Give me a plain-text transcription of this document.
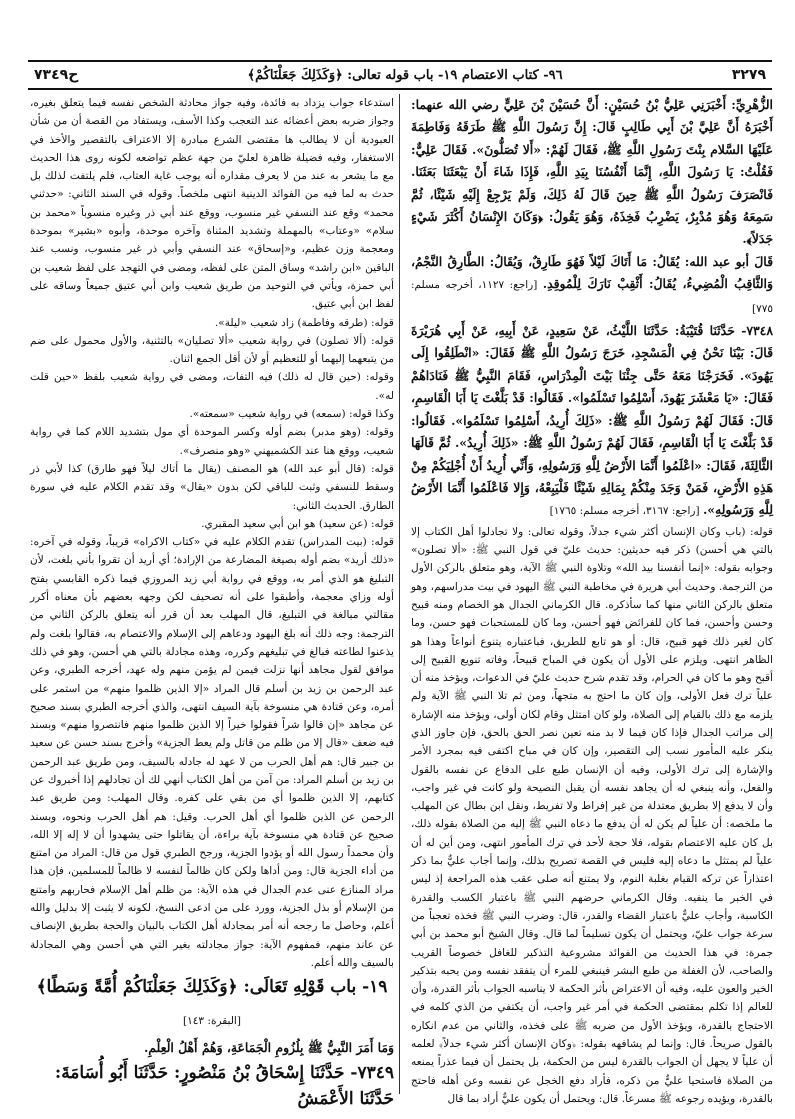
٣٢٧٩
٩٦- كتاب الاعتصام ١٩- باب قوله تعالى: ﴿وَكَذَلِكَ جَعَلْنَاكُمْ﴾
ح٧٣٤٩

الزُّهْرِيِّ: أَخْبَرَنِي عَلِيُّ بْنُ حُسَيْنٍ: أَنَّ حُسَيْنَ بْنَ عَلِيٍّ رضي الله عنهما: أَخْبَرَهُ أَنَّ عَلِيَّ بْنَ أَبِي طَالِبٍ قَالَ: إِنَّ رَسُولَ اللَّهِ ﷺ طَرَقَهُ وَفَاطِمَةَ عَلَيْهَا السَّلام بِنْتَ رَسُولِ اللَّهِ ﷺ، فَقَالَ لَهُمْ: «أَلا تُصَلُّونَ». فَقَالَ عَلِيٌّ: فَقُلْتُ: يَا رَسُولَ اللَّهِ، إِنَّمَا أَنْفُسُنَا بِيَدِ اللَّهِ، فَإِذَا شَاءَ أَنْ يَبْعَثَنَا بَعَثَنَا. فَانْصَرَفَ رَسُولُ اللَّهِ ﷺ حِينَ قَالَ لَهُ ذَلِكَ، وَلَمْ يَرْجِعْ إِلَيْهِ شَيْئًا، ثُمَّ سَمِعَهُ وَهُوَ مُدْبِرٌ، يَضْرِبُ فَخِذَهُ، وَهُوَ يَقُولُ: ﴿وَكَانَ الإِنْسَانُ أَكْثَرَ شَيْءٍ جَدَلاً﴾.

قَالَ أبو عبد الله: يُقَالُ: مَا أَتَاكَ لَيْلاً فَهُوَ طَارِقٌ، وَيُقَالُ: الطَّارِقُ النَّجْمُ، وَالثَّاقِبُ الْمُضِيءُ، يُقَالُ: أَثْقِبْ نَارَكَ لِلْمُوقِدِ. [راجع: ١١٢٧، أخرجه مسلم: ٧٧٥]

٧٣٤٨- حَدَّثَنَا قُتَيْبَةُ: حَدَّثَنَا اللَّيْثُ، عَنْ سَعِيدٍ، عَنْ أَبِيهِ، عَنْ أَبِي هُرَيْرَةَ قَالَ: بَيْنَا نَحْنُ فِي الْمَسْجِدِ، خَرَجَ رَسُولُ اللَّهِ ﷺ فَقَالَ: «انْطَلِقُوا إِلَى يَهُودَ». فَخَرَجْنَا مَعَهُ حَتَّى جِئْنَا بَيْتَ الْمِدْرَاسِ، فَقَامَ النَّبِيُّ ﷺ فَنَادَاهُمْ فَقَالَ: «يَا مَعْشَرَ يَهُودَ، أَسْلِمُوا تَسْلَمُوا». فَقَالُوا: قَدْ بَلَّغْتَ يَا أَبَا الْقَاسِمِ، قَالَ: فَقَالَ لَهُمْ رَسُولُ اللَّهِ ﷺ: «ذَلِكَ أُرِيدُ، أَسْلِمُوا تَسْلَمُوا». فَقَالُوا: قَدْ بَلَّغْتَ يَا أَبَا الْقَاسِمِ، فَقَالَ لَهُمْ رَسُولُ اللَّهِ ﷺ: «ذَلِكَ أُرِيدُ». ثُمَّ قَالَهَا الثَّالِثَةَ، فَقَالَ: «اعْلَمُوا أَنَّمَا الأَرْضُ لِلَّهِ وَرَسُولِهِ، وَأَنِّي أُرِيدُ أَنْ أُجْلِيَكُمْ مِنْ هَذِهِ الأَرْضِ، فَمَنْ وَجَدَ مِنْكُمْ بِمَالِهِ شَيْئًا فَلْيَبِعْهُ، وَإِلا فَاعْلَمُوا أَنَّمَا الأَرْضُ لِلَّهِ وَرَسُولِهِ». [راجع: ٣١٦٧، أخرجه مسلم: ١٧٦٥]

قوله: (باب وكان الإنسان أكثر شيء جدلاً، وقوله تعالى: ولا تجادلوا أهل الكتاب إلا بالتي هي أحسن) ذكر فيه حديثين: حديث عليّ في قول النبي ﷺ: «ألا تصلون» وجوابه بقوله: «إنما أنفسنا بيد الله» وتلاوة النبي ﷺ الآية، وهو متعلق بالركن الأول من الترجمة. وحديث أبي هريرة في مخاطبة النبي ﷺ اليهود في بيت مدراسهم، وهو متعلق بالركن الثاني منها كما سأذكره. قال الكرماني الجدال هو الخصام ومنه قبيح وحسن وأحسن، فما كان للفرائض فهو أحسن، وما كان للمستحبات فهو حسن، وما كان لغير ذلك فهو قبيح، قال: أو هو تابع للطريق، فباعتباره يتنوع أنواعاً وهذا هو الظاهر انتهى. ويلزم على الأول أن يكون في المباح قبيحاً، وفاته تنويع القبيح إلى أقبح وهو ما كان في الحرام، وقد تقدم شرح حديث عليّ في الدعوات، ويؤخذ منه أن علياً ترك فعل الأولى، وإن كان ما احتج به متجهاً، ومن ثم تلا النبي ﷺ الآية ولم يلزمه مع ذلك بالقيام إلى الصلاة، ولو كان امتثل وقام لكان أولى، ويؤخذ منه الإشارة إلى مراتب الجدال فإذا كان فيما لا بد منه تعين نصر الحق بالحق، فإن جاوز الذي ينكر عليه المأمور نسب إلى التقصير، وإن كان في مباح اكتفى فيه بمجرد الأمر والإشارة إلى ترك الأولى، وفيه أن الإنسان طبع على الدفاع عن نفسه بالقول والفعل، وأنه ينبغي له أن يجاهد نفسه أن يقبل النصيحة ولو كانت في غير واجب، وأن لا يدفع إلا بطريق معتدلة من غير إفراط ولا تفريط، ونقل ابن بطال عن المهلب ما ملخصه: أن علياً لم يكن له أن يدفع ما دعاه النبي ﷺ إليه من الصلاة بقوله ذلك، بل كان عليه الاعتصام بقوله، فلا حجة لأحد في ترك المأمور انتهى، ومن أين له أن علياً لم يمتثل ما دعاه إليه فليس في القصة تصريح بذلك، وإنما أجاب عليٌّ بما ذكر اعتذاراً عن تركه القيام بغلبة النوم، ولا يمتنع أنه صلى عقب هذه المراجعة إذ ليس في الخبر ما ينفيه. وقال الكرماني حرضهم النبي ﷺ باعتبار الكسب والقدرة الكاسبة، وأجاب عليٌّ باعتبار القضاء والقدر، قال: وضرب النبي ﷺ فخذه تعجباً من سرعة جواب عليّ، ويحتمل أن يكون تسليماً لما قال. وقال الشيخ أبو محمد بن أبي جمرة: في هذا الحديث من الفوائد مشروعية التذكير للغافل خصوصاً القريب والصاحب، لأن الغفلة من طبع البشر فينبغي للمرء أن يتفقد نفسه ومن يحبه بتذكير الخير والعون عليه، وفيه أن الاعتراض بأثر الحكمة لا يناسبه الجواب بأثر القدرة، وأن للعالم إذا تكلم بمقتضى الحكمة في أمر غير واجب، أن يكتفي من الذي كلمه في الاحتجاج بالقدرة، ويؤخذ الأول من ضربه ﷺ على فخذه، والثاني من عدم انكاره بالقول صريحاً. قال: وإنما لم يشافهه بقوله: ﴿وكان الإنسان أكثر شيء جدلاً﴾ لعلمه أن علياً لا يجهل أن الجواب بالقدرة ليس من الحكمة، بل يحتمل أن فيما عذراً يمنعه من الصلاة فاستحيا عليٌّ من ذكره، فأراد دفع الخجل عن نفسه وعن أهله فاحتج بالقدرة، ويؤيده رجوعه ﷺ مسرعاً. قال: ويحتمل أن يكون عليٌّ أراد بما قال

استدعاء جواب يزداد به فائدة، وفيه جواز محادثة الشخص نفسه فيما يتعلق بغيره، وجواز ضربه بعض أعضائه عند التعجب وكذا الأسف، ويستفاد من القصة أن من شأن العبودية أن لا يطالب ها مقتضى الشرع مبادرة إلا الاعتراف بالتقصير والأخذ في الاستغفار، وفيه فضيلة ظاهرة لعليّ من جهة عظم تواضعه لكونه روى هذا الحديث مع ما يشعر به عند من لا يعرف مقداره أنه يوجب غاية العتاب، فلم يلتفت لذلك بل حدث به لما فيه من الفوائد الدينية انتهى ملخصاً. وقوله في السند الثاني: «حدثني محمد» وقع عند النسفي غير منسوب، ووقع عند أبي ذر وغيره منسوباً «محمد بن سلام» «وعتاب» بالمهملة وتشديد المثناة وآخره موحدة، وأبوه «بشير» بموحدة ومعجمة وزن عظيم، و«إسحاق» عند النسفي وأبي ذر غير منسوب، ونسب عند الباقين «ابن راشد» وساق المتن على لفظه، ومضى في التهجد على لفظ شعيب بن أبي حمزة، ويأتي في التوحيد من طريق شعيب وابن أبي عتيق جميعاً وساقه على لفظ ابن أبي عتيق.

قوله: (طرقه وفاطمة) زاد شعيب «ليلة».

قوله: (ألا تصلون) في رواية شعيب «ألا تصليان» بالتثنية، والأول محمول على ضم من يتبعهما إليهما أو للتعظيم أو لأن أقل الجمع اثنان.

وقوله: (حين قال له ذلك) فيه التفات، ومضى في رواية شعيب بلفظ «حين قلت له».

وكذا قوله: (سمعه) في رواية شعيب «سمعته».

وقوله: (وهو مدبر) بضم أوله وكسر الموحدة أي مول بتشديد اللام كما في رواية شعيب، ووقع هنا عند الكشميهني «وهو منصرف».

قوله: (قال أبو عبد الله) هو المصنف (يقال ما أتاك ليلاً فهو طارق) كذا لأبي ذر وسقط للنسفي وثبت للباقي لكن بدون «يقال» وقد تقدم الكلام عليه في سورة الطارق. الحديث الثاني:

قوله: (عن سعيد) هو ابن أبي سعيد المقبري.

قوله: (بيت المدراس) تقدم الكلام عليه في «كتاب الاكراه» قريباً، وقوله في آخره: «ذلك أريد» بضم أوله بصيغة المضارعة من الإرادة؛ أي أريد أن تقروا بأني بلغت، لأن التبليغ هو الذي أمر به، ووقع في رواية أبي زيد المروزي فيما ذكره القابسي بفتح أوله وزاي معجمة، وأطبقوا على أنه تصحيف لكن وجهه بعضهم بأن معناه أكرر مقالتي مبالغة في التبليغ، قال المهلب بعد أن قرر أنه يتعلق بالركن الثاني من الترجمة: وجه ذلك أنه بلغ اليهود ودعاهم إلى الإسلام والاعتصام به، فقالوا بلغت ولم يذعنوا لطاعته فبالغ في تبليغهم وكرره، وهذه مجادلة بالتي هي أحسن، وهو في ذلك موافق لقول مجاهد أنها نزلت فيمن لم يؤمن منهم وله عهد، أخرجه الطبري، وعن عبد الرحمن بن زيد بن أسلم قال المراد «إلا الذين ظلموا منهم» من استمر على أمره، وعن قتادة هي منسوخة بآية السيف انتهى، والذي أخرجه الطبري بسند صحيح عن مجاهد «إن قالوا شراً فقولوا خيراً إلا الذين ظلموا منهم فانتصروا منهم» وبسند فيه ضعف «قال إلا من ظلم من قاتل ولم يعط الجزية» وأخرج بسند حسن عن سعيد بن جبير قال: هم أهل الحرب من لا عهد له جادله بالسيف، ومن طريق عبد الرحمن بن زيد بن أسلم المراد: من آمن من أهل الكتاب أنهي لك أن تجادلهم إذا أخبروك عن كتابهم، إلا الذين ظلموا أي من بقي على كفره. وقال المهلب: ومن طريق عبد الرحمن عن الذين ظلموا أي أهل الحرب. وقيل: هم أهل الحرب ونحوه، وبسند صحيح عن قتادة هي منسوخة بآية براءة، أن يقاتلوا حتى يشهدوا أن لا إله إلا الله، وأن محمداً رسول الله أو يؤدوا الجزية، ورجح الطبري قول من قال: المراد من امتنع من أداء الجزية قال: ومن أداها ولكن كان ظالماً لنفسه لا ظالماً للمسلمين، فإن هذا مراد المنازع عنى عدم الجدال في هذه الآية: من ظلم أهل الإسلام فحاربهم وامتنع من الإسلام أو بذل الجزية، وورد على من ادعى النسخ، لكونه لا يثبت إلا بدليل والله أعلم، وحاصل ما رجحه أنه أمر بمجادلة أهل الكتاب بالبيان والحجة بطريق الإنصاف عن عاند منهم، فمفهوم الآية: جواز مجادلته بغير التي هي أحسن وهي المجادلة بالسيف والله أعلم.

١٩- باب قَوْلِهِ تَعَالَى: ﴿وَكَذَلِكَ جَعَلْنَاكُمْ أُمَّةً وَسَطًا﴾ [البقرة: ١٤٣]

وَمَا أَمَرَ النَّبِيُّ ﷺ بِلُزُومِ الْجَمَاعَةِ، وَهُمْ أَهْلُ الْعِلْمِ.

٧٣٤٩- حَدَّثَنَا إِسْحَاقُ بْنُ مَنْصُورٍ: حَدَّثَنَا أَبُو أُسَامَةَ: حَدَّثَنَا الأَعْمَشُ
